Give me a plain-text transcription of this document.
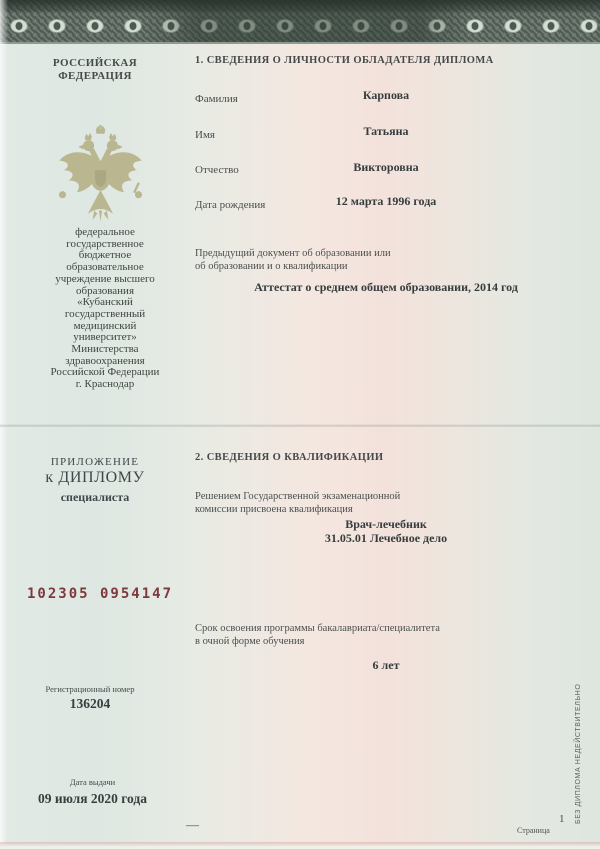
РОССИЙСКАЯ ФЕДЕРАЦИЯ
федеральное
государственное
бюджетное
образовательное
учреждение высшего
образования
«Кубанский
государственный
медицинский
университет»
Министерства
здравоохранения
Российской Федерации
г. Краснодар
ПРИЛОЖЕНИЕ
к ДИПЛОМУ
специалиста
102305 0954147
Регистрационный номер
136204
Дата выдачи
09 июля 2020 года
1. СВЕДЕНИЯ О ЛИЧНОСТИ ОБЛАДАТЕЛЯ ДИПЛОМА
Фамилия	Карпова
Имя	Татьяна
Отчество	Викторовна
Дата рождения	12 марта 1996 года
Предыдущий документ об образовании или
об образовании и о квалификации
Аттестат о среднем общем образовании, 2014 год
2. СВЕДЕНИЯ О КВАЛИФИКАЦИИ
Решением Государственной экзаменационной
комиссии присвоена квалификация
Врач-лечебник
31.05.01 Лечебное дело
Срок освоения программы бакалавриата/специалитета
в очной форме обучения
6 лет
—	Страница
1 БЕЗ ДИПЛОМА НЕДЕЙСТВИТЕЛЬНО
